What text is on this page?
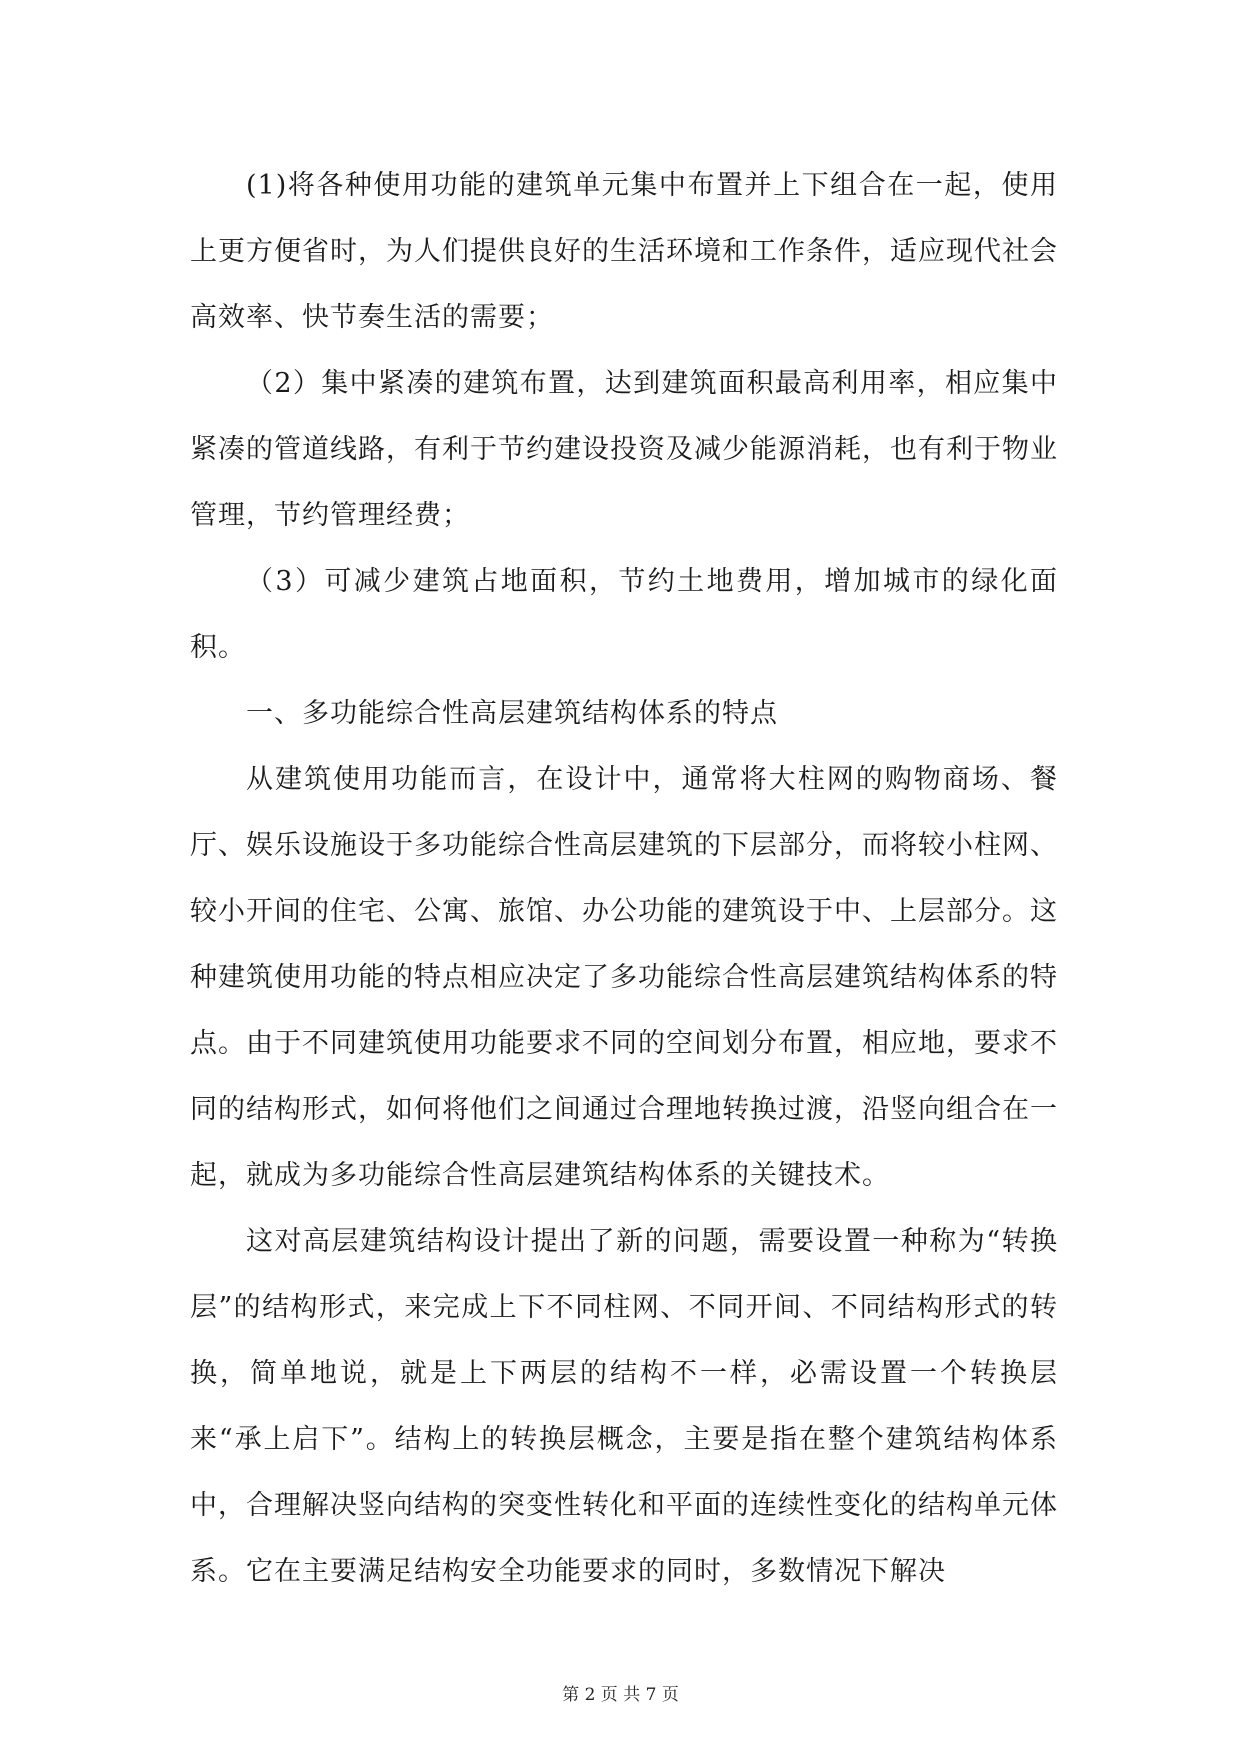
(1)将各种使用功能的建筑单元集中布置并上下组合在一起，使用上更方便省时，为人们提供良好的生活环境和工作条件，适应现代社会高效率、快节奏生活的需要；

（2）集中紧凑的建筑布置，达到建筑面积最高利用率，相应集中紧凑的管道线路，有利于节约建设投资及减少能源消耗，也有利于物业管理，节约管理经费；

（3）可减少建筑占地面积，节约土地费用，增加城市的绿化面积。

一、多功能综合性高层建筑结构体系的特点

从建筑使用功能而言，在设计中，通常将大柱网的购物商场、餐厅、娱乐设施设于多功能综合性高层建筑的下层部分，而将较小柱网、较小开间的住宅、公寓、旅馆、办公功能的建筑设于中、上层部分。这种建筑使用功能的特点相应决定了多功能综合性高层建筑结构体系的特点。由于不同建筑使用功能要求不同的空间划分布置，相应地，要求不同的结构形式，如何将他们之间通过合理地转换过渡，沿竖向组合在一起，就成为多功能综合性高层建筑结构体系的关键技术。

这对高层建筑结构设计提出了新的问题，需要设置一种称为“转换层”的结构形式，来完成上下不同柱网、不同开间、不同结构形式的转换，简单地说，就是上下两层的结构不一样，必需设置一个转换层来“承上启下”。结构上的转换层概念，主要是指在整个建筑结构体系中，合理解决竖向结构的突变性转化和平面的连续性变化的结构单元体系。它在主要满足结构安全功能要求的同时，多数情况下解决

第 2 页 共 7 页
